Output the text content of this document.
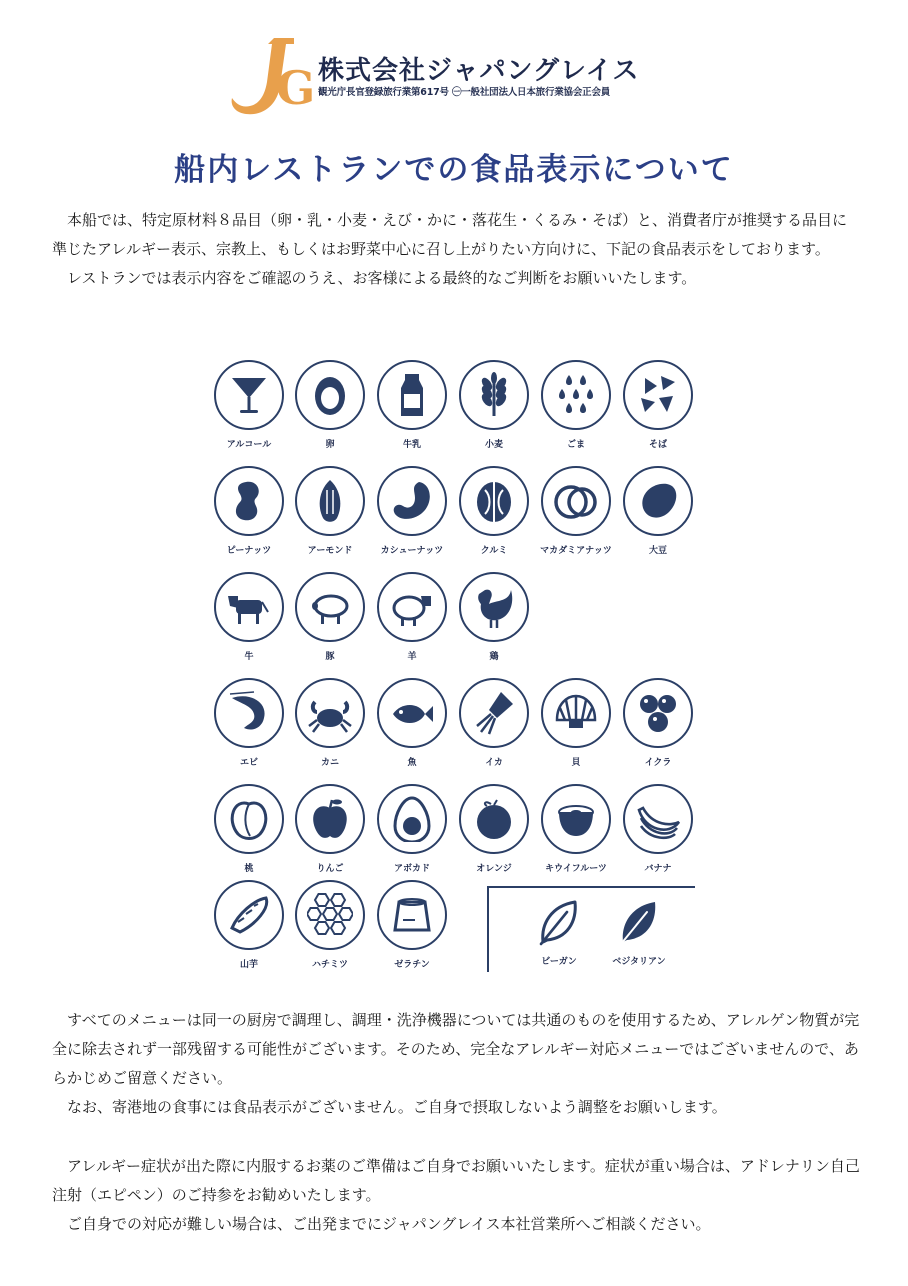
G 株式会社ジャパングレイス
観光庁長官登録旅行業第617号 ㊀一般社団法人日本旅行業協会正会員
船内レストランでの食品表示について

本船では、特定原材料８品目（卵・乳・小麦・えび・かに・落花生・くるみ・そば）と、消費者庁が推奨する品目に準じたアレルギー表示、宗教上、もしくはお野菜中心に召し上がりたい方向けに、下記の食品表示をしております。

レストランでは表示内容をご確認のうえ、お客様による最終的なご判断をお願いいたします。

アルコール	卵	牛乳	小麦	ごま	そば
ピーナッツ	アーモンド	カシューナッツ	クルミ	マカダミアナッツ	大豆
牛	豚	羊	鶏
エビ	カニ	魚	イカ	貝	イクラ
桃	りんご	アボカド	オレンジ	キウイフルーツ	バナナ
山芋	ハチミツ	ゼラチン	ビーガン	ベジタリアン

すべてのメニューは同一の厨房で調理し、調理・洗浄機器については共通のものを使用するため、アレルゲン物質が完全に除去されず一部残留する可能性がございます。そのため、完全なアレルギー対応メニューではございませんので、あらかじめご留意ください。

なお、寄港地の食事には食品表示がございません。ご自身で摂取しないよう調整をお願いします。

アレルギー症状が出た際に内服するお薬のご準備はご自身でお願いいたします。症状が重い場合は、アドレナリン自己注射（エピペン）のご持参をお勧めいたします。

ご自身での対応が難しい場合は、ご出発までにジャパングレイス本社営業所へご相談ください。
